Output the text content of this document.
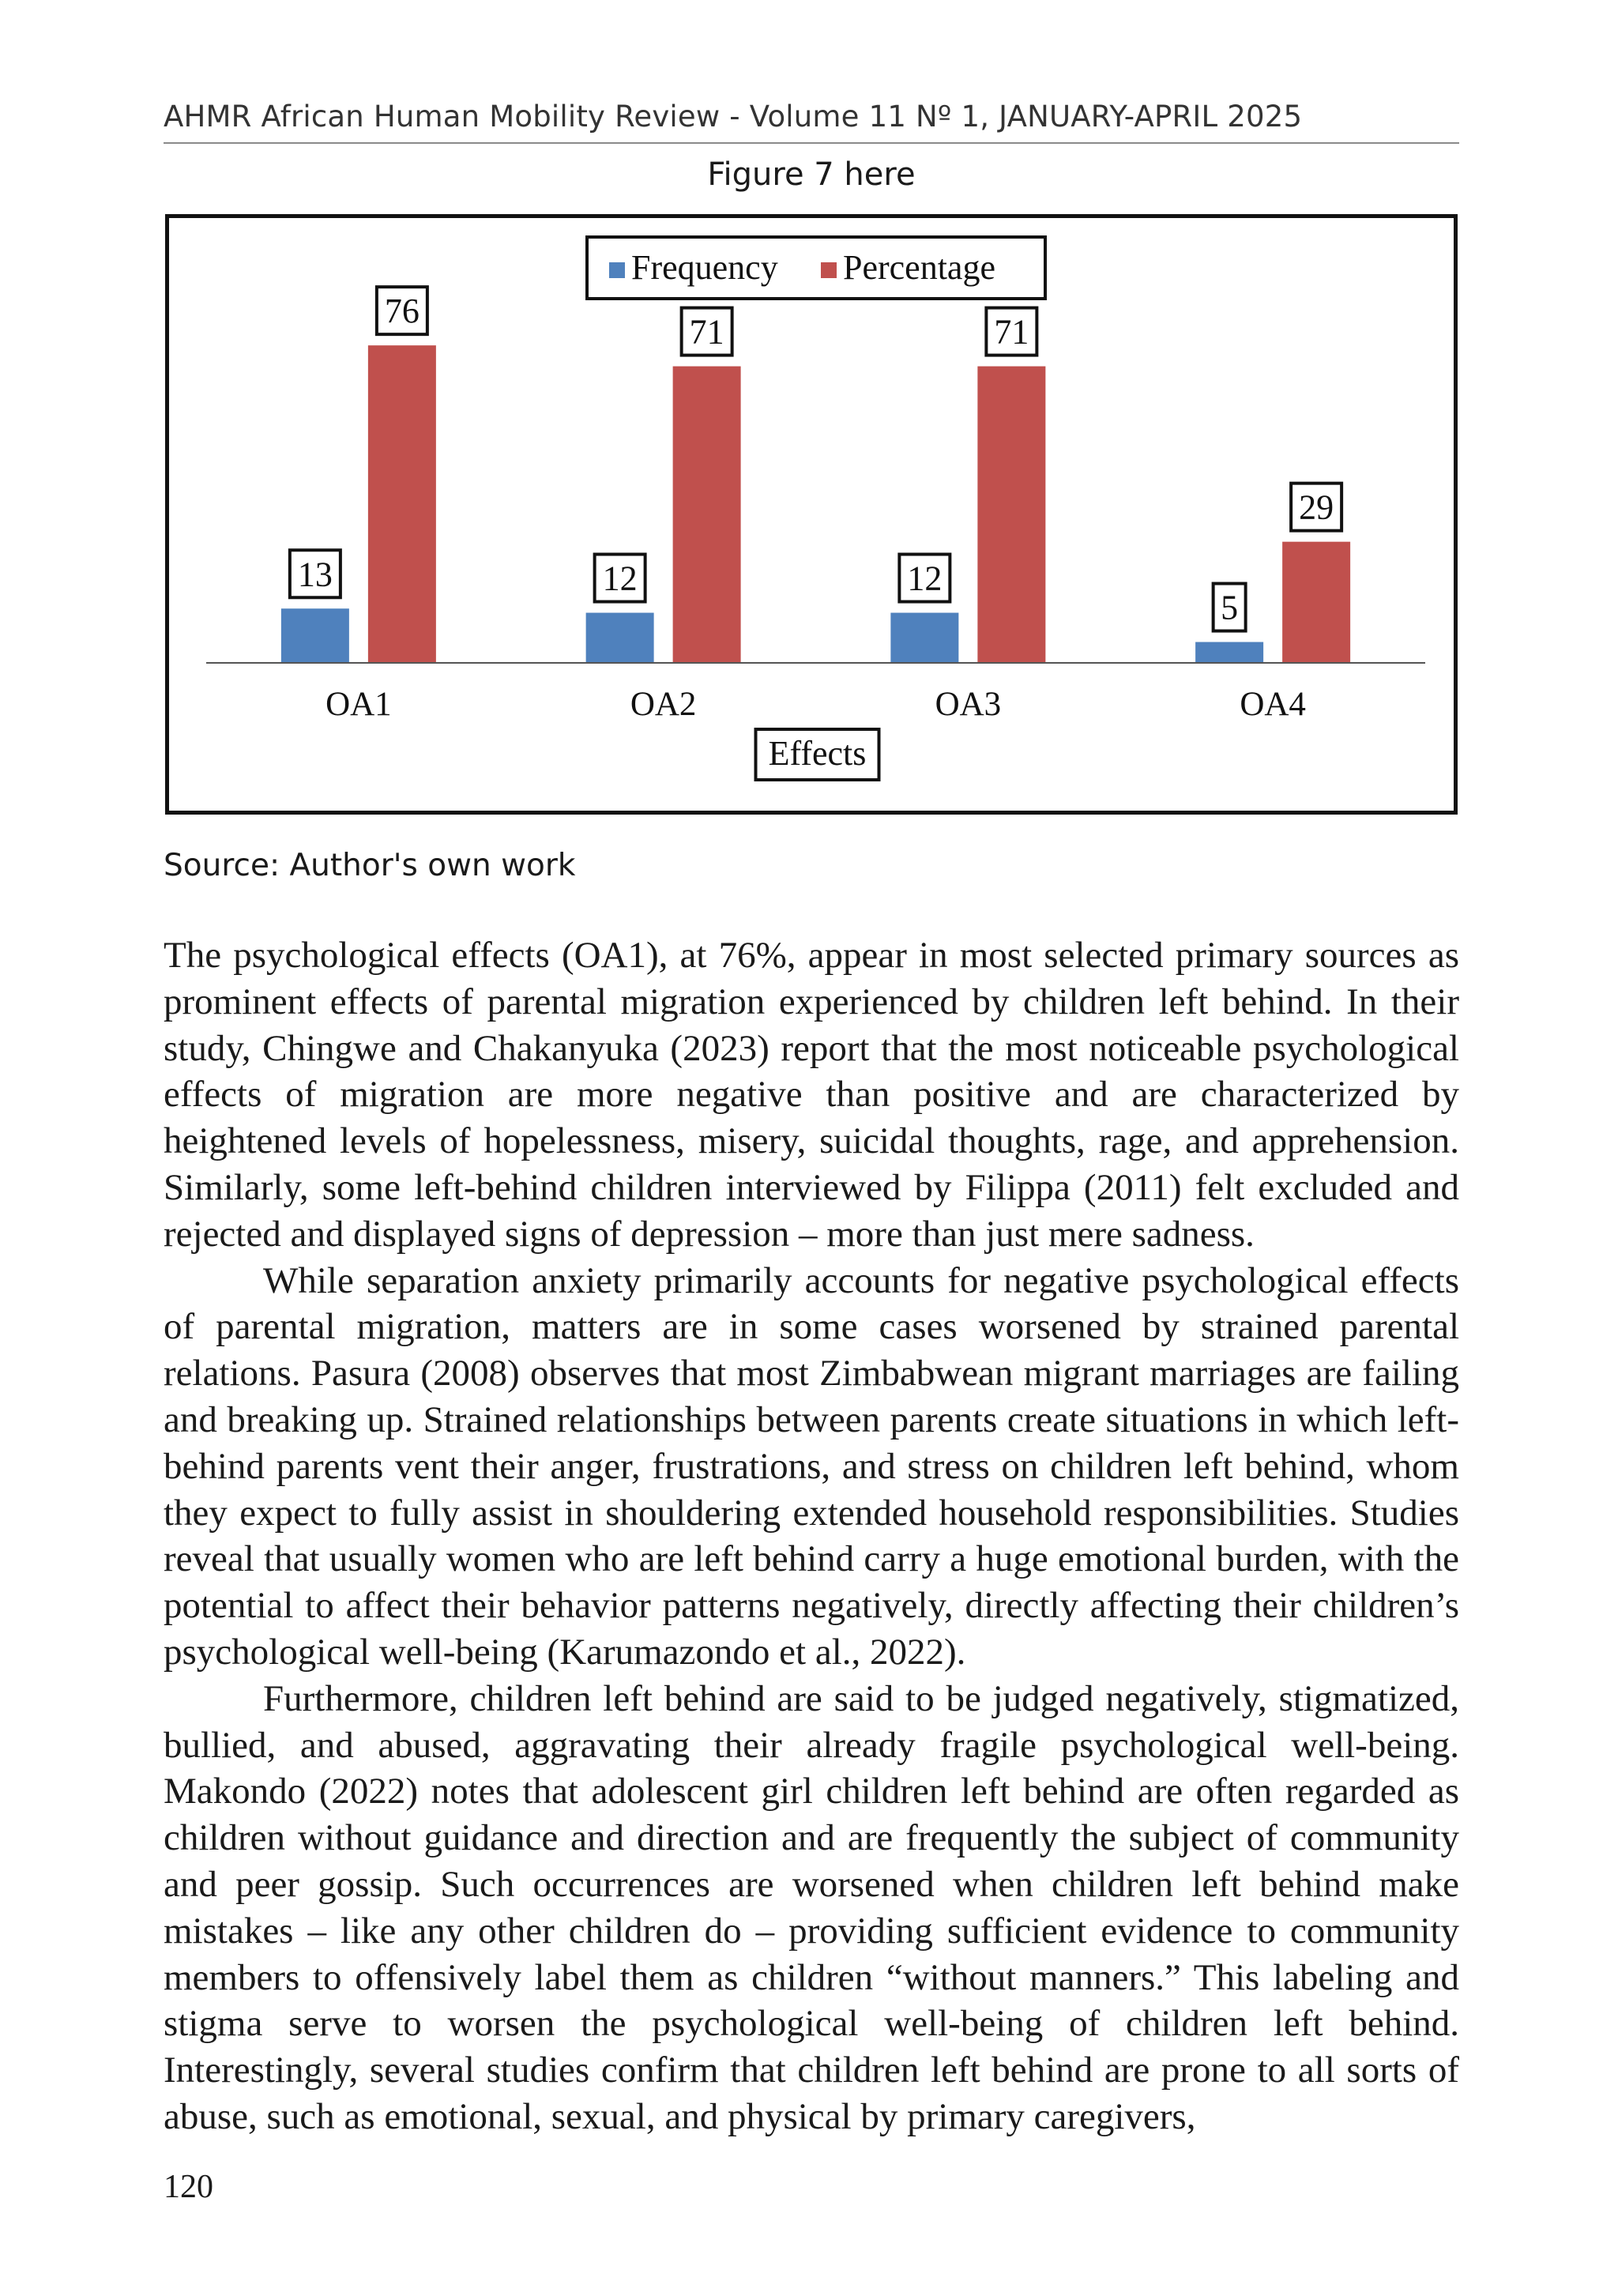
AHMR African Human Mobility Review - Volume 11 Nº 1, JANUARY-APRIL 2025
Figure 7 here
13
76
OA1
12
71
OA2
12
71
OA3
5
29
OA4
Effects
Frequency Percentage
Source: Author's own work

The psychological effects (OA1), at 76%, appear in most selected primary sources as prominent effects of parental migration experienced by children left behind. In their study, Chingwe and Chakanyuka (2023) report that the most noticeable psychological effects of migration are more negative than positive and are characterized by heightened levels of hopelessness, misery, suicidal thoughts, rage, and apprehension. Similarly, some left-behind children interviewed by Filippa (2011) felt excluded and rejected and displayed signs of depression – more than just mere sadness.

While separation anxiety primarily accounts for negative psychological effects of parental migration, matters are in some cases worsened by strained parental relations. Pasura (2008) observes that most Zimbabwean migrant marriages are failing and breaking up. Strained relationships between parents create situations in which left-behind parents vent their anger, frustrations, and stress on children left behind, whom they expect to fully assist in shouldering extended household responsibilities. Studies reveal that usually women who are left behind carry a huge emotional burden, with the potential to affect their behavior patterns negatively, directly affecting their children’s psychological well-being (Karumazondo et al., 2022).

Furthermore, children left behind are said to be judged negatively, stigmatized, bullied, and abused, aggravating their already fragile psychological well-being. Makondo (2022) notes that adolescent girl children left behind are often regarded as children without guidance and direction and are frequently the subject of community and peer gossip. Such occurrences are worsened when children left behind make mistakes – like any other children do – providing sufficient evidence to community members to offensively label them as children “without manners.” This labeling and stigma serve to worsen the psychological well-being of children left behind. Interestingly, several studies confirm that children left behind are prone to all sorts of abuse, such as emotional, sexual, and physical by primary caregivers,

120
